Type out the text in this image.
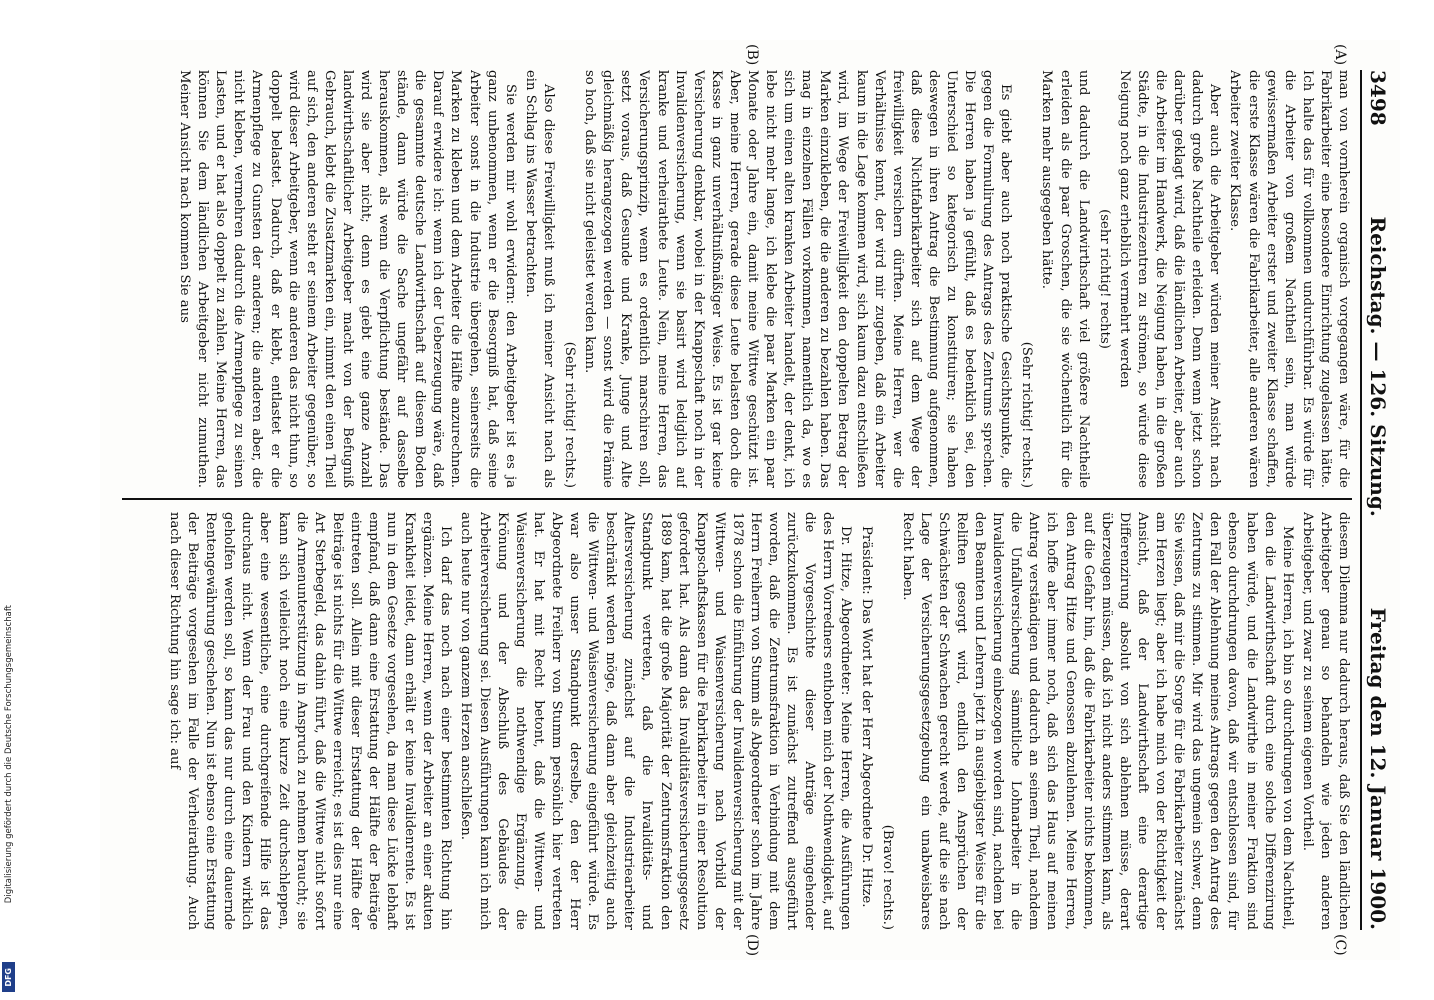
3498
Reichstag. — 126. Sitzung.
Freitag den 12. Januar 1900.
(A)
(B)
(C)
(D)

man von vornherein organisch vorgegangen wäre, für die Fabrikarbeiter eine besondere Einrichtung zugelassen hätte. Ich halte das für vollkommen undurchführbar. Es würde für die Arbeiter von großem Nachtheil sein, man würde gewissermaßen Arbeiter erster und zweiter Klasse schaffen, die erste Klasse wären die Fabrikarbeiter, alle anderen wären Arbeiter zweiter Klasse.

Aber auch die Arbeitgeber würden meiner Ansicht nach dadurch große Nachtheile erleiden. Denn wenn jetzt schon darüber geklagt wird, daß die ländlichen Arbeiter, aber auch die Arbeiter im Handwerk, die Neigung haben, in die großen Städte, in die Industriezentren zu strömen, so würde diese Neigung noch ganz erheblich vermehrt werden

(sehr richtig! rechts)

und dadurch die Landwirthschaft viel größere Nachtheile erleiden als die paar Groschen, die sie wöchentlich für die Marken mehr ausgegeben hätte.

(Sehr richtig! rechts.)

Es giebt aber auch noch praktische Gesichtspunkte, die gegen die Formulirung des Antrags des Zentrums sprechen. Die Herren haben ja gefühlt, daß es bedenklich sei, den Unterschied so kategorisch zu konstituiren; sie haben deswegen in ihren Antrag die Bestimmung aufgenommen, daß diese Nichtfabrikarbeiter sich auf dem Wege der freiwilligkeit versichern dürften. Meine Herren, wer die Verhältnisse kennt, der wird mir zugeben, daß ein Arbeiter kaum in die Lage kommen wird, sich kaum dazu entschließen wird, im Wege der Freiwilligkeit den doppelten Betrag der Marken einzukleben, die die anderen zu bezahlen haben. Das mag in einzelnen Fällen vorkommen, namentlich da, wo es sich um einen alten kranken Arbeiter handelt, der denkt, ich lebe nicht mehr lange, ich klebe die paar Marken ein paar Monate oder Jahre ein, damit meine Wittwe geschützt ist. Aber, meine Herren, gerade diese Leute belasten doch die Kasse in ganz unverhältnißmäßiger Weise. Es ist gar keine Versicherung denkbar, wobei in der Knappschaft noch in der Invalidenversicherung, wenn sie basirt wird lediglich auf kranke und verheirathete Leute. Nein, meine Herren, das Versicherungsprinzip, wenn es ordentlich marschiren soll, setzt voraus, daß Gesunde und Kranke, Junge und Alte gleichmäßig herangezogen werden — sonst wird die Prämie so hoch, daß sie nicht geleistet werden kann.

(Sehr richtig! rechts.)

Also diese Freiwilligkeit muß ich meiner Ansicht nach als ein Schlag ins Wasser betrachten.

Sie werden mir wohl erwidern: den Arbeitgeber ist es ja ganz unbenommen, wenn er die Besorgniß hat, daß seine Arbeiter sonst in die Industrie übergehen, seinerseits die Marken zu kleben und dem Arbeiter die Hälfte anzurechnen. Darauf erwidere ich: wenn ich der Ueberzeugung wäre, daß die gesammte deutsche Landwirthschaft auf diesem Boden stände, dann würde die Sache ungefähr auf dasselbe herauskommen, als wenn die Verpflichtung bestände. Das wird sie aber nicht; denn es giebt eine ganze Anzahl landwirthschaftlicher Arbeitgeber macht von der Befugniß Gebrauch, klebt die Zusatzmarken ein, nimmt den einen Theil auf sich, den anderen steht er seinem Arbeiter gegenüber, so wird dieser Arbeitgeber, wenn die anderen das nicht thun, so doppelt belastet. Dadurch, daß er klebt, entlastet er die Armenpflege zu Gunsten der anderen; die anderen aber, die nicht kleben, vermehren dadurch die Armenpflege zu seinen Lasten, und er hat also doppelt zu zahlen. Meine Herren, das können Sie dem ländlichen Arbeitgeber nicht zumuthen. Meiner Ansicht nach kommen Sie aus

diesem Dilemma nur dadurch heraus, daß Sie den ländlichen Arbeitgeber genau so behandeln wie jeden anderen Arbeitgeber, und zwar zu seinem eigenen Vortheil.

Meine Herren, ich bin so durchdrungen von dem Nachtheil, den die Landwirthschaft durch eine solche Differenzirung haben würde, und die Landwirthe in meiner Fraktion sind ebenso durchdrungen davon, daß wir entschlossen sind, für den Fall der Ablehnung meines Antrags gegen den Antrag des Zentrums zu stimmen. Mir wird das ungemein schwer, denn Sie wissen, daß mir die Sorge für die Fabrikarbeiter zunächst am Herzen liegt; aber ich habe mich von der Richtigkeit der Ansicht, daß der Landwirthschaft eine derartige Differenzirung absolut von sich ablehnen müsse, derart überzeugen müssen, daß ich nicht anders stimmen kann, als auf die Gefahr hin, daß die Fabrikarbeiter nichts bekommen, den Antrag Hitze und Genossen abzulehnen. Meine Herren, ich hoffe aber immer noch, daß sich das Haus auf meinen Antrag verständigen und dadurch an seinem Theil, nachdem die Unfallversicherung sämmtliche Lohnarbeiter in die Invalidenversicherung einbezogen worden sind, nachdem bei den Beamten und Lehrern jetzt in ausgiebigster Weise für die Reliften gesorgt wird, endlich den Ansprüchen der Schwächsten der Schwachen gerecht werde, auf die sie nach Lage der Versicherungsgesetzgebung ein unabweisbares Recht haben.

(Bravo! rechts.)

Präsident: Das Wort hat der Herr Abgeordnete Dr. Hitze.

Dr. Hitze, Abgeordneter: Meine Herren, die Ausführungen des Herrn Vorredners enthoben mich der Nothwendigkeit, auf die Vorgeschichte dieser Anträge eingehender zurückzukommen. Es ist zunächst zutreffend ausgeführt worden, daß die Zentrumsfraktion in Verbindung mit dem Herrn Freiherrn von Stumm als Abgeordneter schon im Jahre 1878 schon die Einführung der Invalidenversicherung mit der Wittwen- und Waisenversicherung nach Vorbild der Knappschaftskassen für die Fabrikarbeiter in einer Resolution gefordert hat. Als dann das Invaliditätsversicherungsgesetz 1889 kam, hat die große Majorität der Zentrumsfraktion den Standpunkt vertreten, daß die Invaliditäts- und Altersversicherung zunächst auf die Industriearbeiter beschränkt werden möge, daß dann aber gleichzeitig auch die Wittwen- und Waisenversicherung eingeführt würde. Es war also unser Standpunkt derselbe, den der Herr Abgeordnete Freiherr von Stumm persönlich hier vertreten hat. Er hat mit Recht betont, daß die Wittwen- und Waisenversicherung die nothwendige Ergänzung, die Krönung und der Abschluß des Gebäudes der Arbeiterversicherung sei. Diesen Ausführungen kann ich mich auch heute nur von ganzem Herzen anschließen.

Ich darf das noch nach einer bestimmten Richtung hin ergänzen. Meine Herren, wenn der Arbeiter an einer akuten Krankheit leidet, dann erhält er keine Invalidenrente. Es ist nun in dem Gesetze vorgesehen, da man diese Lücke lebhaft empfand, daß dann eine Erstattung der Hälfte der Beiträge eintreten soll. Allein mit dieser Erstattung der Hälfte der Beiträge ist nichts für die Wittwe erreicht; es ist dies nur eine Art Sterbegeld, das dahin führt, daß die Wittwe nicht sofort die Armenunterstützung in Anspruch zu nehmen braucht; sie kann sich vielleicht noch eine kurze Zeit durchschleppen, aber eine wesentliche, eine durchgreifende Hilfe ist das durchaus nicht. Wenn der Frau und den Kindern wirklich geholfen werden soll, so kann das nur durch eine dauernde Rentengewährung geschehen. Nun ist ebenso eine Erstattung der Beiträge vorgesehen im Falle der Verheirathung. Auch nach dieser Richtung hin sage ich: auf

Digitalisierung gefördert durch die Deutsche Forschungsgemeinschaft
DFG
